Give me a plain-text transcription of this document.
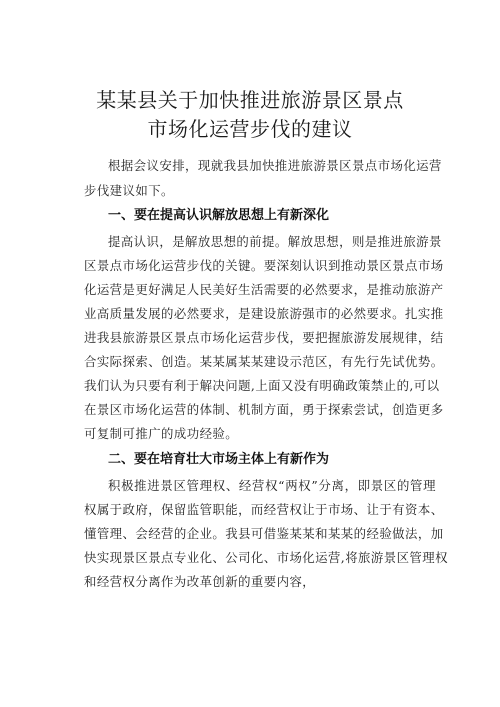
某某县关于加快推进旅游景区景点
市场化运营步伐的建议

根据会议安排，现就我县加快推进旅游景区景点市场化运营

步伐建议如下。

一、要在提高认识解放思想上有新深化

提高认识，是解放思想的前提。解放思想，则是推进旅游景

区景点市场化运营步伐的关键。要深刻认识到推动景区景点市场

化运营是更好满足人民美好生活需要的必然要求，是推动旅游产

业高质量发展的必然要求，是建设旅游强市的必然要求。扎实推

进我县旅游景区景点市场化运营步伐，要把握旅游发展规律，结

合实际探索、创造。某某属某某建设示范区，有先行先试优势。

我们认为只要有利于解决问题,上面又没有明确政策禁止的,可以

在景区市场化运营的体制、机制方面，勇于探索尝试，创造更多

可复制可推广的成功经验。

二、要在培育壮大市场主体上有新作为

积极推进景区管理权、经营权“两权”分离，即景区的管理

权属于政府，保留监管职能，而经营权让于市场、让于有资本、

懂管理、会经营的企业。我县可借鉴某某和某某的经验做法，加

快实现景区景点专业化、公司化、市场化运营,将旅游景区管理权

和经营权分离作为改革创新的重要内容，
